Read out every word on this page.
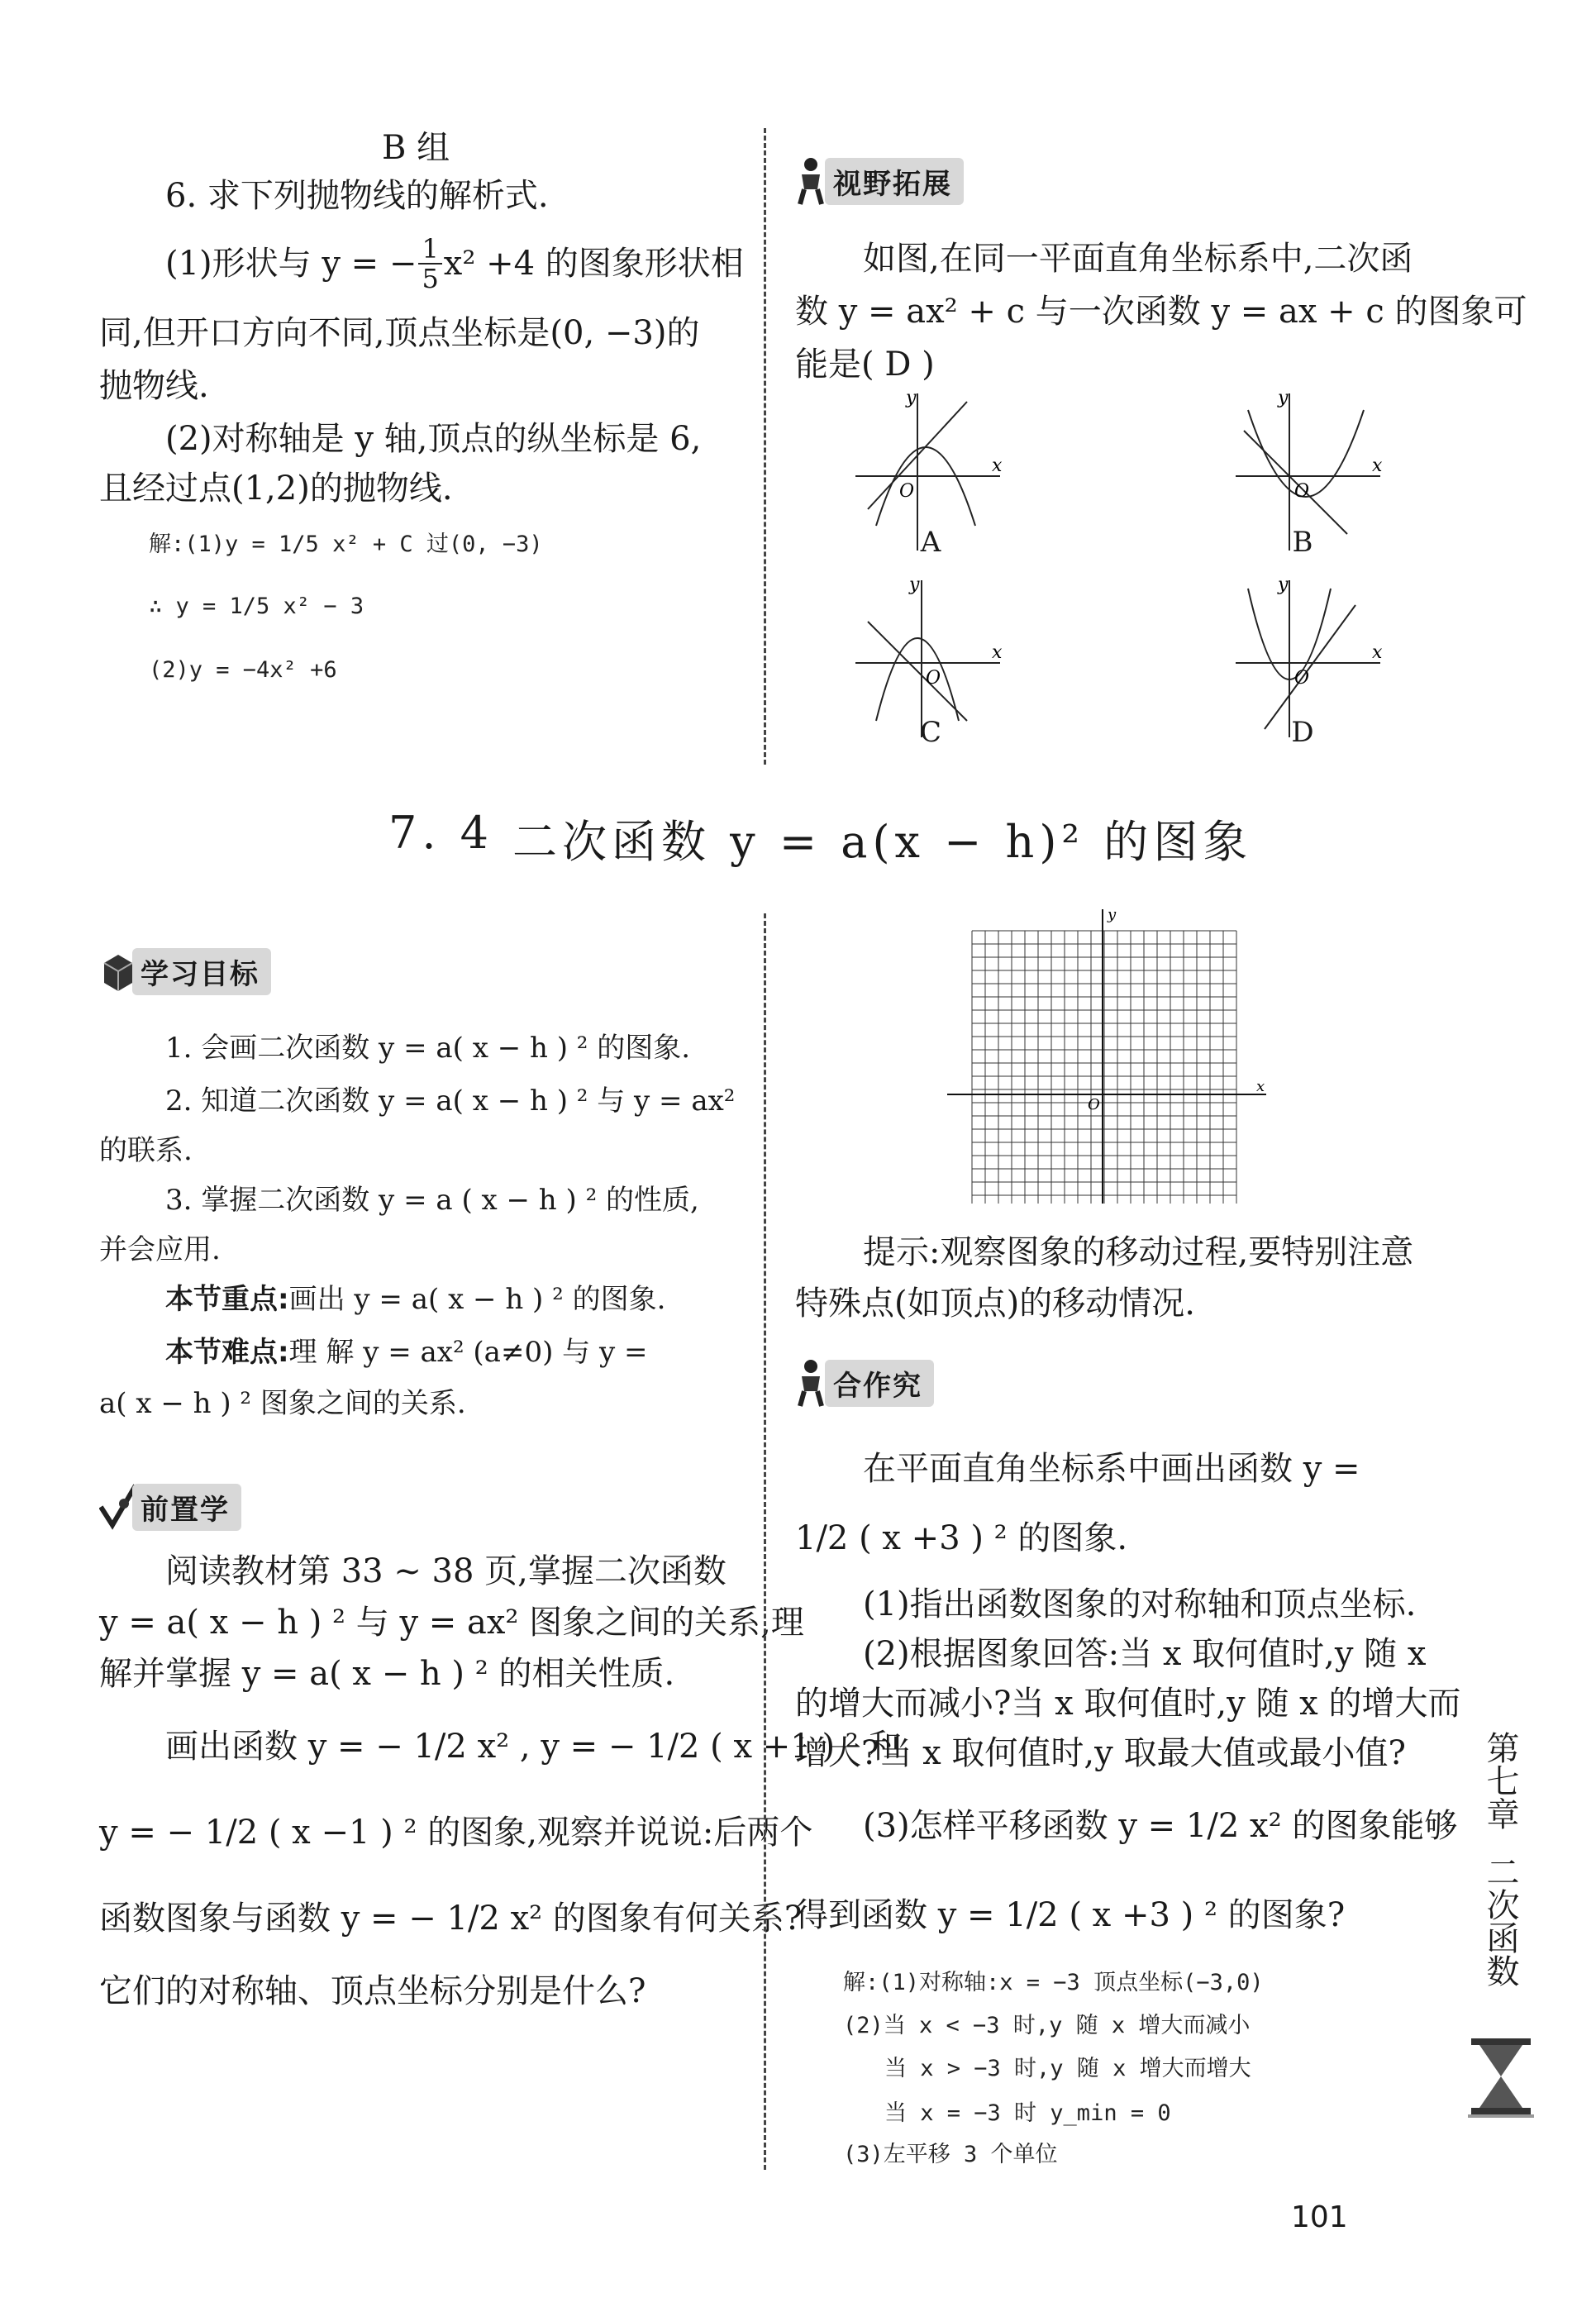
B 组
6. 求下列抛物线的解析式.
(1)形状与 y = − $\frac{1}{5} x^2 +4$ 的图象形状相
同,但开口方向不同,顶点坐标是(0, −3)的
抛物线.
(2)对称轴是 y 轴,顶点的纵坐标是 6,
且经过点(1,2)的抛物线.
解:(1)y = 1/5 x² + C 过(0, −3)
∴ y = 1/5 x² − 3
(2)y = −4x² +6
视野拓展
如图,在同一平面直角坐标系中,二次函
数 y = ax² + c 与一次函数 y = ax + c 的图象可
能是( D )
y
x
O
A
y
x
O
B
y
x
O
C
y
x
O
D
7. 4 二次函数 y = a(x − h)² 的图象
学习目标
1. 会画二次函数 y = a( x − h ) ² 的图象.
2. 知道二次函数 y = a( x − h ) ² 与 y = ax²
的联系.
3. 掌握二次函数 y = a ( x − h ) ² 的性质,
并会应用.
本节重点:画出 y = a( x − h ) ² 的图象.
本节难点:理 解 y = ax² (a≠0) 与 y =
a( x − h ) ² 图象之间的关系.
前置学
阅读教材第 33 ~ 38 页,掌握二次函数
y = a( x − h ) ² 与 y = ax² 图象之间的关系,理
解并掌握 y = a( x − h ) ² 的相关性质.
画出函数 y = − 1/2 x² , y = − 1/2 ( x +1 ) ² 和
y = − 1/2 ( x −1 ) ² 的图象,观察并说说:后两个
函数图象与函数 y = − 1/2 x² 的图象有何关系?
它们的对称轴、顶点坐标分别是什么?
y
x
O
提示:观察图象的移动过程,要特别注意
特殊点(如顶点)的移动情况.
合作究
在平面直角坐标系中画出函数 y =
1/2 ( x +3 ) ² 的图象.
(1)指出函数图象的对称轴和顶点坐标.
(2)根据图象回答:当 x 取何值时,y 随 x
的增大而减小?当 x 取何值时,y 随 x 的增大而
增大?当 x 取何值时,y 取最大值或最小值?
(3)怎样平移函数 y = 1/2 x² 的图象能够
得到函数 y = 1/2 ( x +3 ) ² 的图象?
解:(1)对称轴:x = −3 顶点坐标(−3,0)
(2)当 x < −3 时,y 随 x 增大而减小
当 x > −3 时,y 随 x 增大而增大
当 x = −3 时 y_min = 0
(3)左平移 3 个单位
第七章
二次函数
101
